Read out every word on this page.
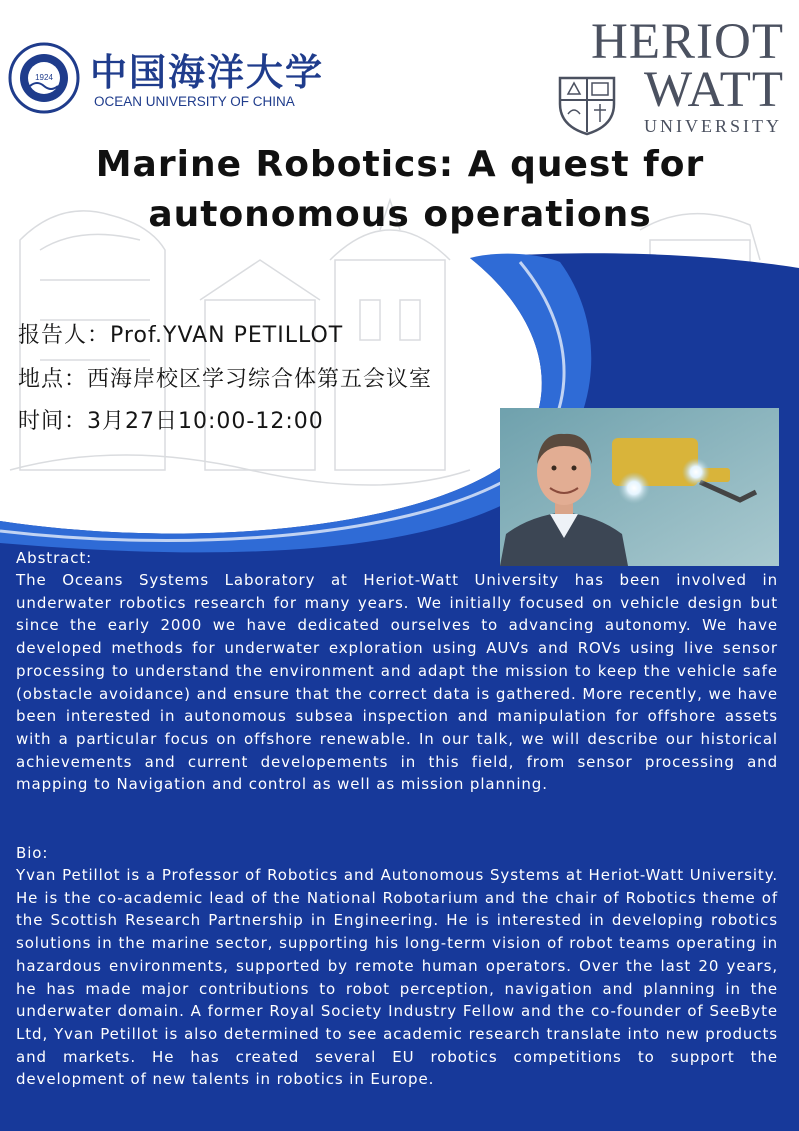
1924 中国海洋大学
OCEAN UNIVERSITY OF CHINA
HERIOT
WATT
UNIVERSITY
Marine Robotics: A quest for autonomous operations
报告人：Prof.YVAN PETILLOT
地点：西海岸校区学习综合体第五会议室
时间：3月27日10:00-12:00
Abstract:
The Oceans Systems Laboratory at Heriot-Watt University has been involved in underwater robotics research for many years. We initially focused on vehicle design but since the early 2000 we have dedicated ourselves to advancing autonomy. We have developed methods for underwater exploration using AUVs and ROVs using live sensor processing to understand the environment and adapt the mission to keep the vehicle safe (obstacle avoidance) and ensure that the correct data is gathered. More recently, we have been interested in autonomous subsea inspection and manipulation for offshore assets with a particular focus on offshore renewable. In our talk, we will describe our historical achievements and current developements in this field, from sensor processing and mapping to Navigation and control as well as mission planning.
Bio:
Yvan Petillot is a Professor of Robotics and Autonomous Systems at Heriot-Watt University. He is the co-academic lead of the National Robotarium and the chair of Robotics theme of the Scottish Research Partnership in Engineering. He is interested in developing robotics solutions in the marine sector, supporting his long-term vision of robot teams operating in hazardous environments, supported by remote human operators. Over the last 20 years, he has made major contributions to robot perception, navigation and planning in the underwater domain. A former Royal Society Industry Fellow and the co-founder of SeeByte Ltd, Yvan Petillot is also determined to see academic research translate into new products and markets. He has created several EU robotics competitions to support the development of new talents in robotics in Europe.
